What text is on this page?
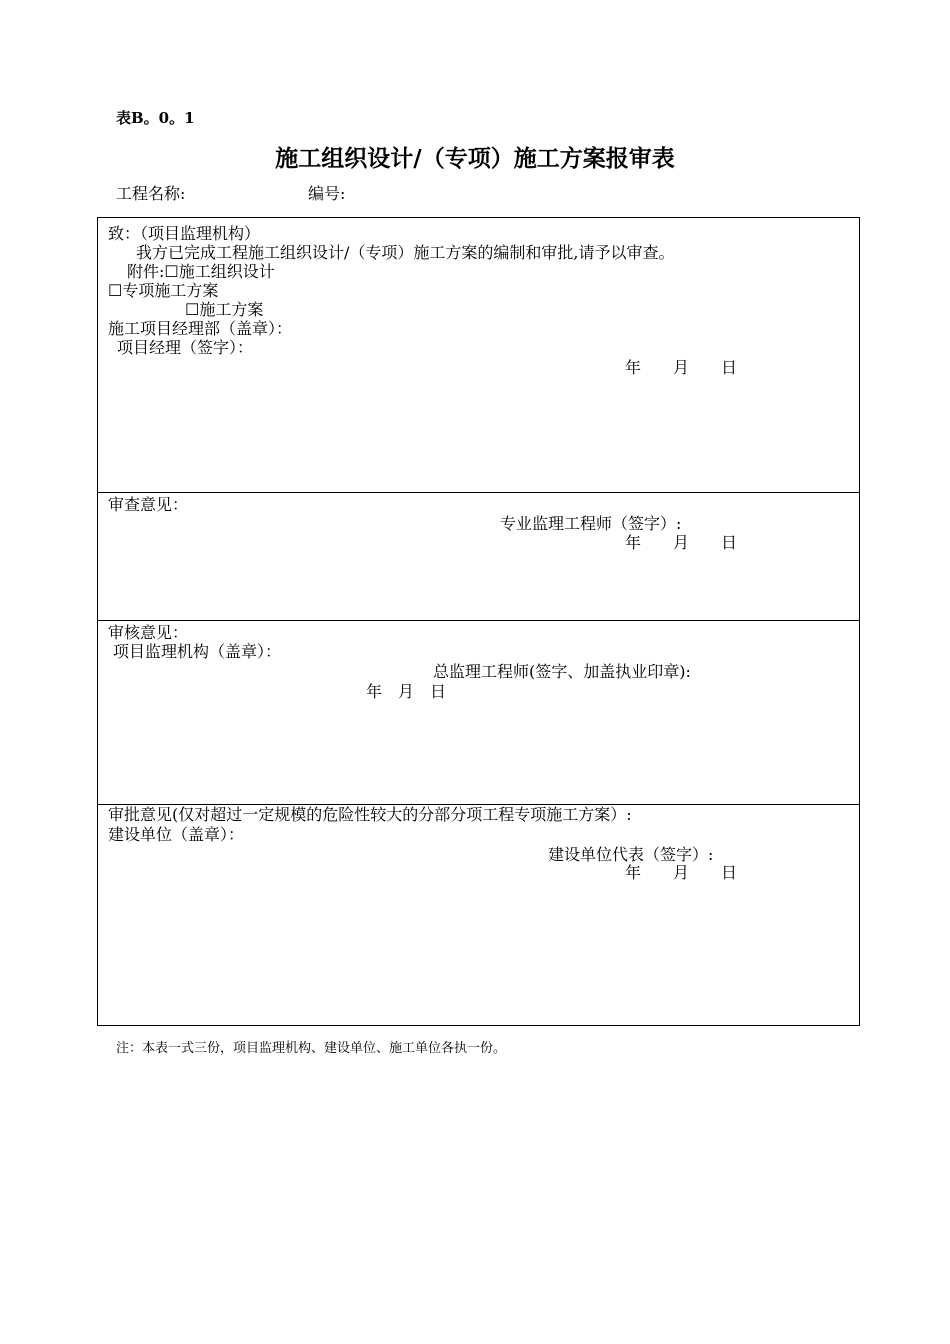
表B。0。1
施工组织设计/（专项）施工方案报审表
工程名称:	编号:
致：（项目监理机构）
我方已完成工程施工组织设计/（专项）施工方案的编制和审批,请予以审查。
附件:☐施工组织设计
☐专项施工方案
☐施工方案
施工项目经理部（盖章）：
项目经理（签字）：
年　　月　　日
审查意见：
专业监理工程师（签字）:
年　　月　　日
审核意见：
项目监理机构（盖章）：
总监理工程师(签字、加盖执业印章):
年　月　日
审批意见(仅对超过一定规模的危险性较大的分部分项工程专项施工方案）:
建设单位（盖章）：
建设单位代表（签字）:
年　　月　　日
注：本表一式三份，项目监理机构、建设单位、施工单位各执一份。
